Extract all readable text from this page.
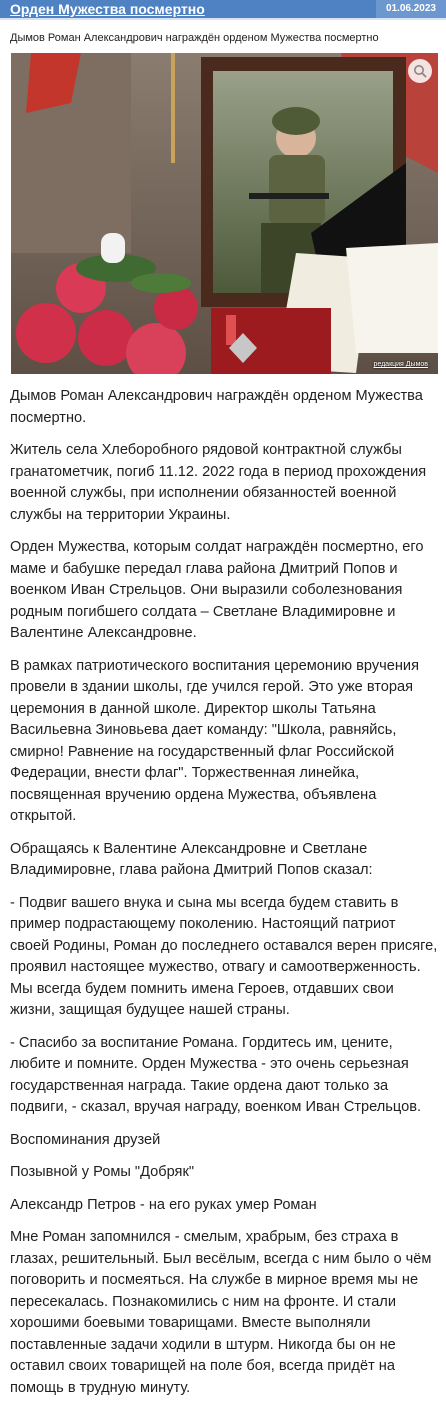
Орден Мужества посмертно	01.06.2023
Дымов Роман Александрович награждён орденом Мужества посмертно
редакция Дымов

Дымов Роман Александрович награждён орденом Мужества посмертно.

Житель села Хлеборобного рядовой контрактной службы гранатометчик, погиб 11.12. 2022 года в период прохождения военной службы, при исполнении обязанностей военной службы на территории Украины.

Орден Мужества, которым солдат награждён посмертно, его маме и бабушке передал глава района Дмитрий Попов и военком Иван Стрельцов. Они выразили соболезнования родным погибшего солдата – Светлане Владимировне и Валентине Александровне.

В рамках патриотического воспитания церемонию вручения провели в здании школы, где учился герой. Это уже вторая церемония в данной школе. Директор школы Татьяна Васильевна Зиновьева дает команду: "Школа, равняйсь, смирно! Равнение на государственный флаг Российской Федерации, внести флаг". Торжественная линейка, посвященная вручению ордена Мужества, объявлена открытой.

Обращаясь к Валентине Александровне и Светлане Владимировне, глава района Дмитрий Попов сказал:

- Подвиг вашего внука и сына мы всегда будем ставить в пример подрастающему поколению. Настоящий патриот своей Родины, Роман до последнего оставался верен присяге, проявил настоящее мужество, отвагу и самоотверженность. Мы всегда будем помнить имена Героев, отдавших свои жизни, защищая будущее нашей страны.

- Спасибо за воспитание Романа. Гордитесь им, цените, любите и помните. Орден Мужества - это очень серьезная государственная награда. Такие ордена дают только за подвиги, - сказал, вручая награду, военком Иван Стрельцов.

Воспоминания друзей

Позывной у Ромы "Добряк"

Александр Петров - на его руках умер Роман

Мне Роман запомнился - смелым, храбрым, без страха в глазах, решительный. Был весёлым, всегда с ним было о чём поговорить и посмеяться. На службе в мирное время мы не пересекалась. Познакомились с ним на фронте. И стали хорошими боевыми товарищами. Вместе выполняли поставленные задачи ходили в штурм. Никогда бы он не оставил своих товарищей на поле боя, всегда придёт на помощь в трудную минуту.
